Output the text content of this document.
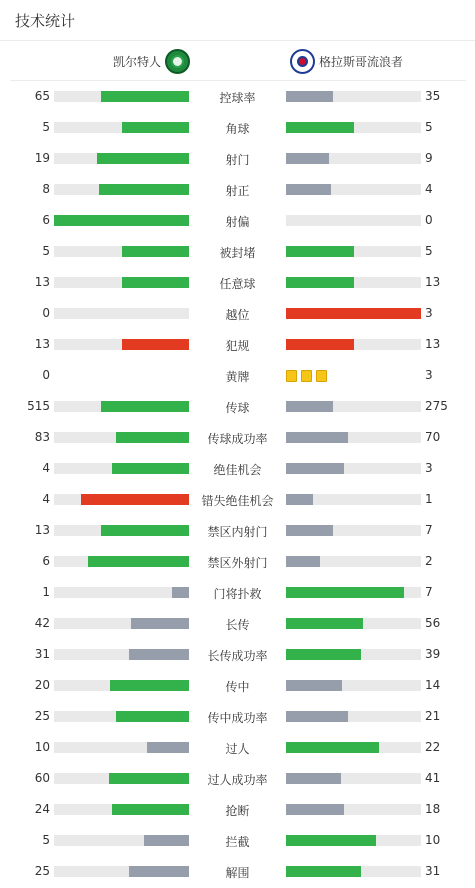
技术统计
凯尔特人	格拉斯哥流浪者
65	控球率	35
5	角球	5
19	射门	9
8	射正	4
6	射偏	0
5	被封堵	5
13	任意球	13
0	越位	3
13	犯规	13
0	黄牌	3
515	传球	275
83	传球成功率	70
4	绝佳机会	3
4	错失绝佳机会	1
13	禁区内射门	7
6	禁区外射门	2
1	门将扑救	7
42	长传	56
31	长传成功率	39
20	传中	14
25	传中成功率	21
10	过人	22
60	过人成功率	41
24	抢断	18
5	拦截	10
25	解围	31
